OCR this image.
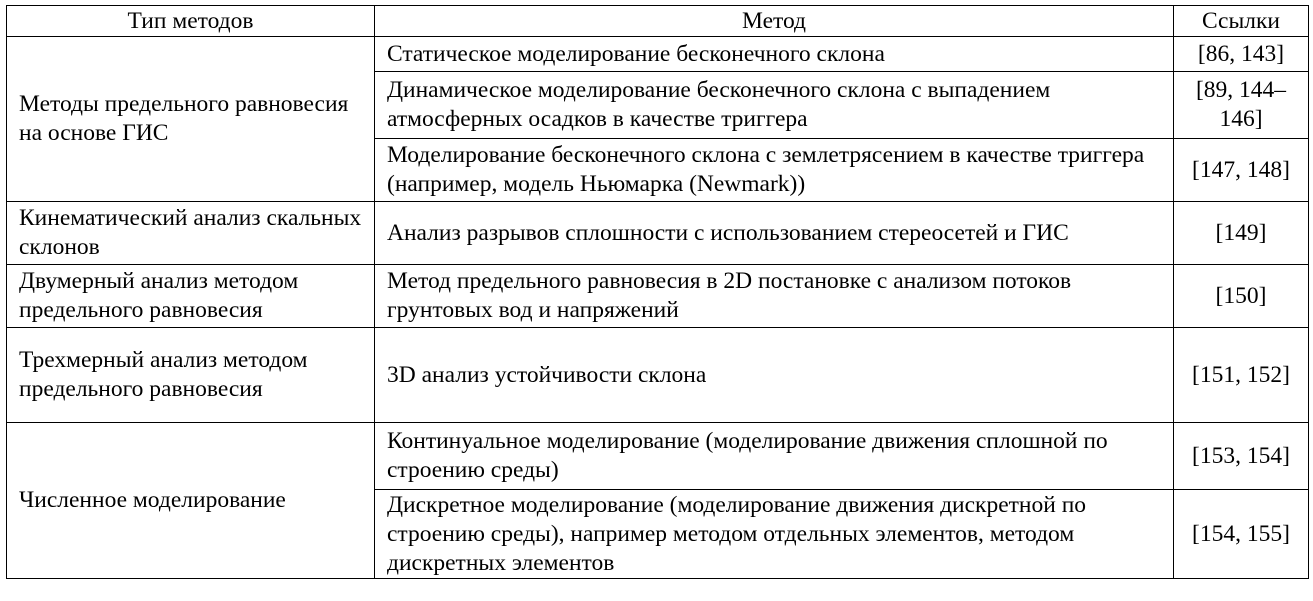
Тип методов	Метод	Ссылки
Методы предельного равновесия на основе ГИС	Статическое моделирование бесконечного склона	[86, 143]
	Динамическое моделирование бесконечного склона с выпадением атмосферных осадков в качестве триггера	[89, 144–146]
	Моделирование бесконечного склона с землетрясением в качестве триггера (например, модель Ньюмарка (Newmark))	[147, 148]
Кинематический анализ скальных склонов	Анализ разрывов сплошности с использованием стереосетей и ГИС	[149]
Двумерный анализ методом предельного равновесия	Метод предельного равновесия в 2D постановке с анализом потоков грунтовых вод и напряжений	[150]
Трехмерный анализ методом предельного равновесия	3D анализ устойчивости склона	[151, 152]
Численное моделирование	Континуальное моделирование (моделирование движения сплошной по строению среды)	[153, 154]
	Дискретное моделирование (моделирование движения дискретной по строению среды), например методом отдельных элементов, методом дискретных элементов	[154, 155]
